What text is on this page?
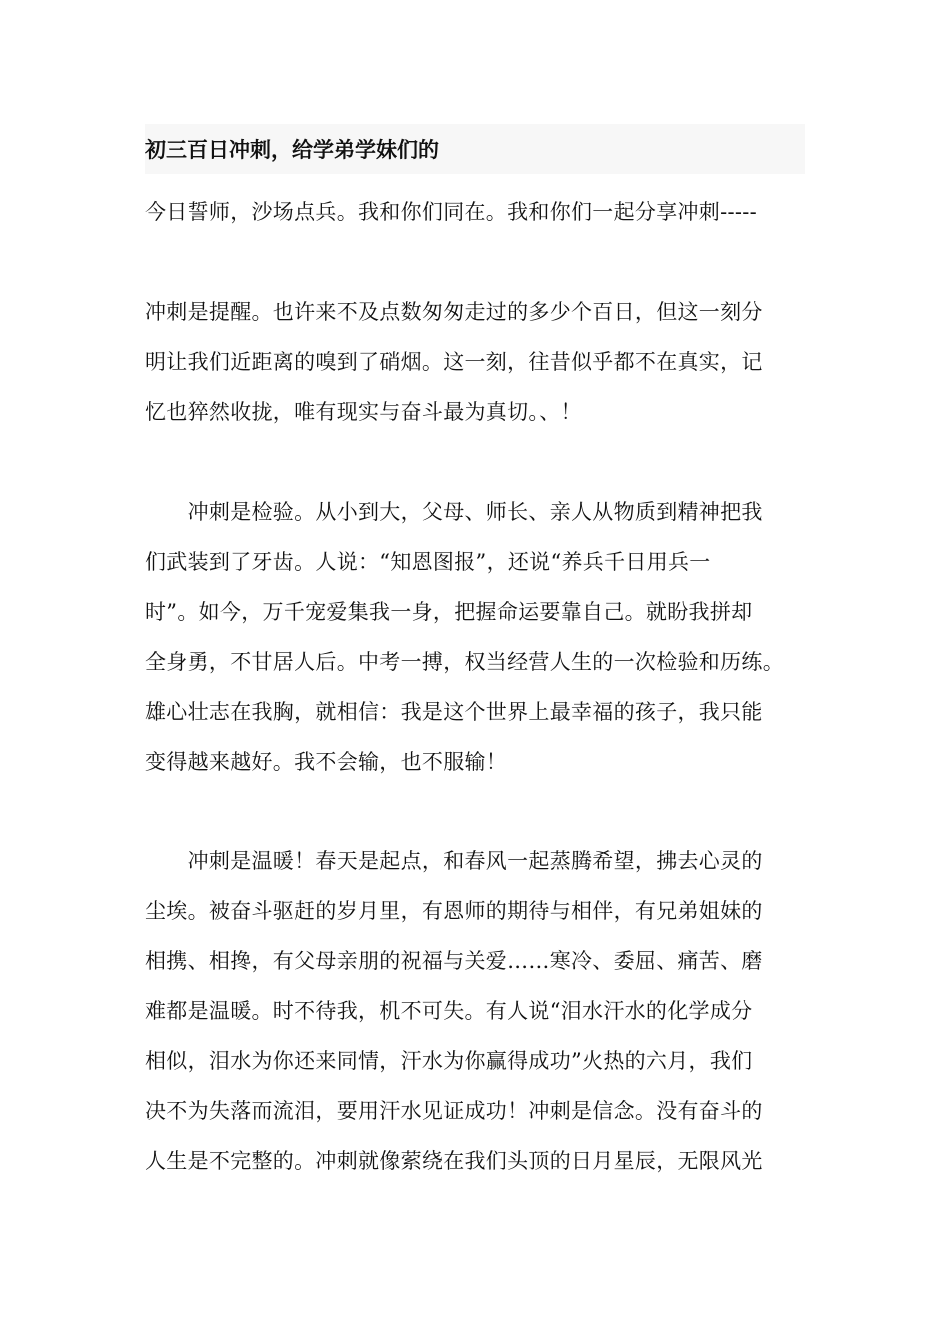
初三百日冲刺，给学弟学妹们的
今日誓师，沙场点兵。我和你们同在。我和你们一起分享冲刺-----
冲刺是提醒。也许来不及点数匆匆走过的多少个百日，但这一刻分
明让我们近距离的嗅到了硝烟。这一刻，往昔似乎都不在真实，记
忆也猝然收拢，唯有现实与奋斗最为真切。、！
　　冲刺是检验。从小到大，父母、师长、亲人从物质到精神把我
们武装到了牙齿。人说：“知恩图报”，还说“养兵千日用兵一
时”。如今，万千宠爱集我一身，把握命运要靠自己。就盼我拼却
全身勇，不甘居人后。中考一搏，权当经营人生的一次检验和历练。
雄心壮志在我胸，就相信：我是这个世界上最幸福的孩子，我只能
变得越来越好。我不会输，也不服输！
　　冲刺是温暖！春天是起点，和春风一起蒸腾希望，拂去心灵的
尘埃。被奋斗驱赶的岁月里，有恩师的期待与相伴，有兄弟姐妹的
相携、相搀，有父母亲朋的祝福与关爱……寒冷、委屈、痛苦、磨
难都是温暖。时不待我，机不可失。有人说“泪水汗水的化学成分
相似，泪水为你还来同情，汗水为你赢得成功”火热的六月，我们
决不为失落而流泪，要用汗水见证成功！冲刺是信念。没有奋斗的
人生是不完整的。冲刺就像萦绕在我们头顶的日月星辰，无限风光
